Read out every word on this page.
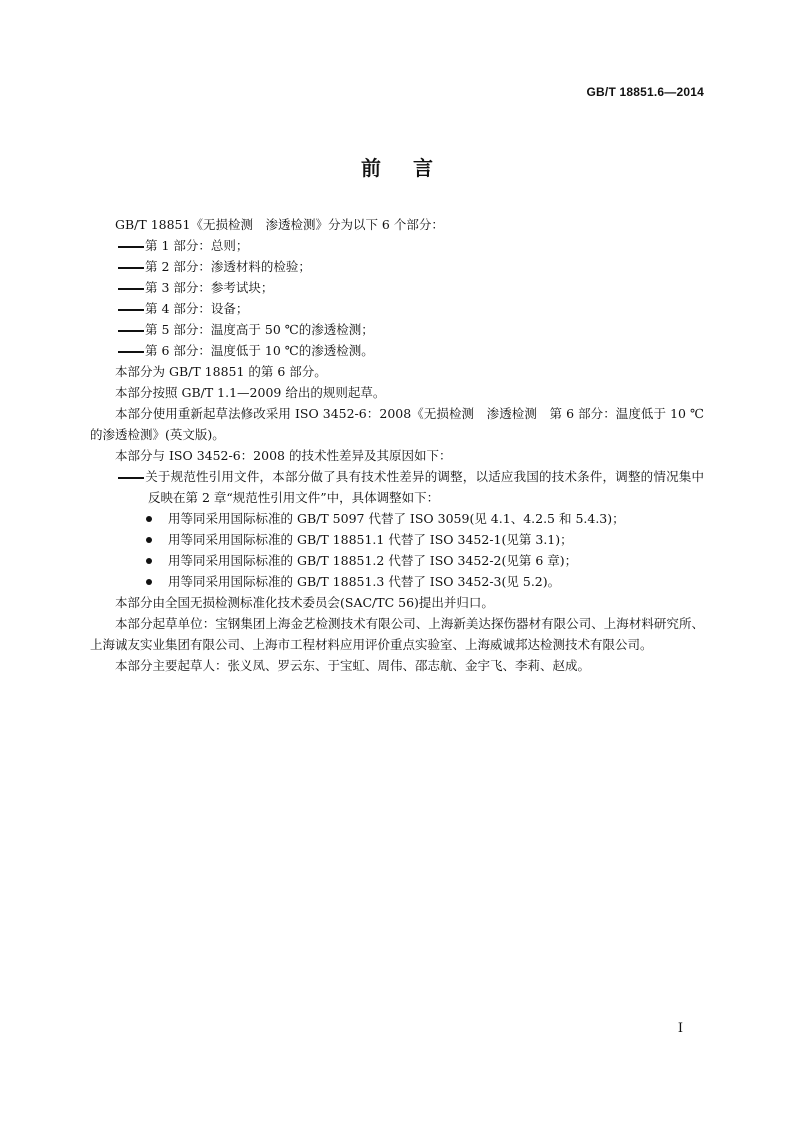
GB/T 18851.6—2014
前言

GB/T 18851《无损检测　渗透检测》分为以下 6 个部分：

第 1 部分：总则；

第 2 部分：渗透材料的检验；

第 3 部分：参考试块；

第 4 部分：设备；

第 5 部分：温度高于 50 ℃的渗透检测；

第 6 部分：温度低于 10 ℃的渗透检测。

本部分为 GB/T 18851 的第 6 部分。

本部分按照 GB/T 1.1—2009 给出的规则起草。

本部分使用重新起草法修改采用 ISO 3452-6：2008《无损检测　渗透检测　第 6 部分：温度低于 10 ℃的渗透检测》(英文版)。

本部分与 ISO 3452-6：2008 的技术性差异及其原因如下：

关于规范性引用文件，本部分做了具有技术性差异的调整，以适应我国的技术条件，调整的情况集中反映在第 2 章“规范性引用文件”中，具体调整如下：

用等同采用国际标准的 GB/T 5097 代替了 ISO 3059(见 4.1、4.2.5 和 5.4.3)；

用等同采用国际标准的 GB/T 18851.1 代替了 ISO 3452-1(见第 3.1)；

用等同采用国际标准的 GB/T 18851.2 代替了 ISO 3452-2(见第 6 章)；

用等同采用国际标准的 GB/T 18851.3 代替了 ISO 3452-3(见 5.2)。

本部分由全国无损检测标准化技术委员会(SAC/TC 56)提出并归口。

本部分起草单位：宝钢集团上海金艺检测技术有限公司、上海新美达探伤器材有限公司、上海材料研究所、上海诚友实业集团有限公司、上海市工程材料应用评价重点实验室、上海威诚邦达检测技术有限公司。

本部分主要起草人：张义凤、罗云东、于宝虹、周伟、邵志航、金宇飞、李莉、赵成。

I
